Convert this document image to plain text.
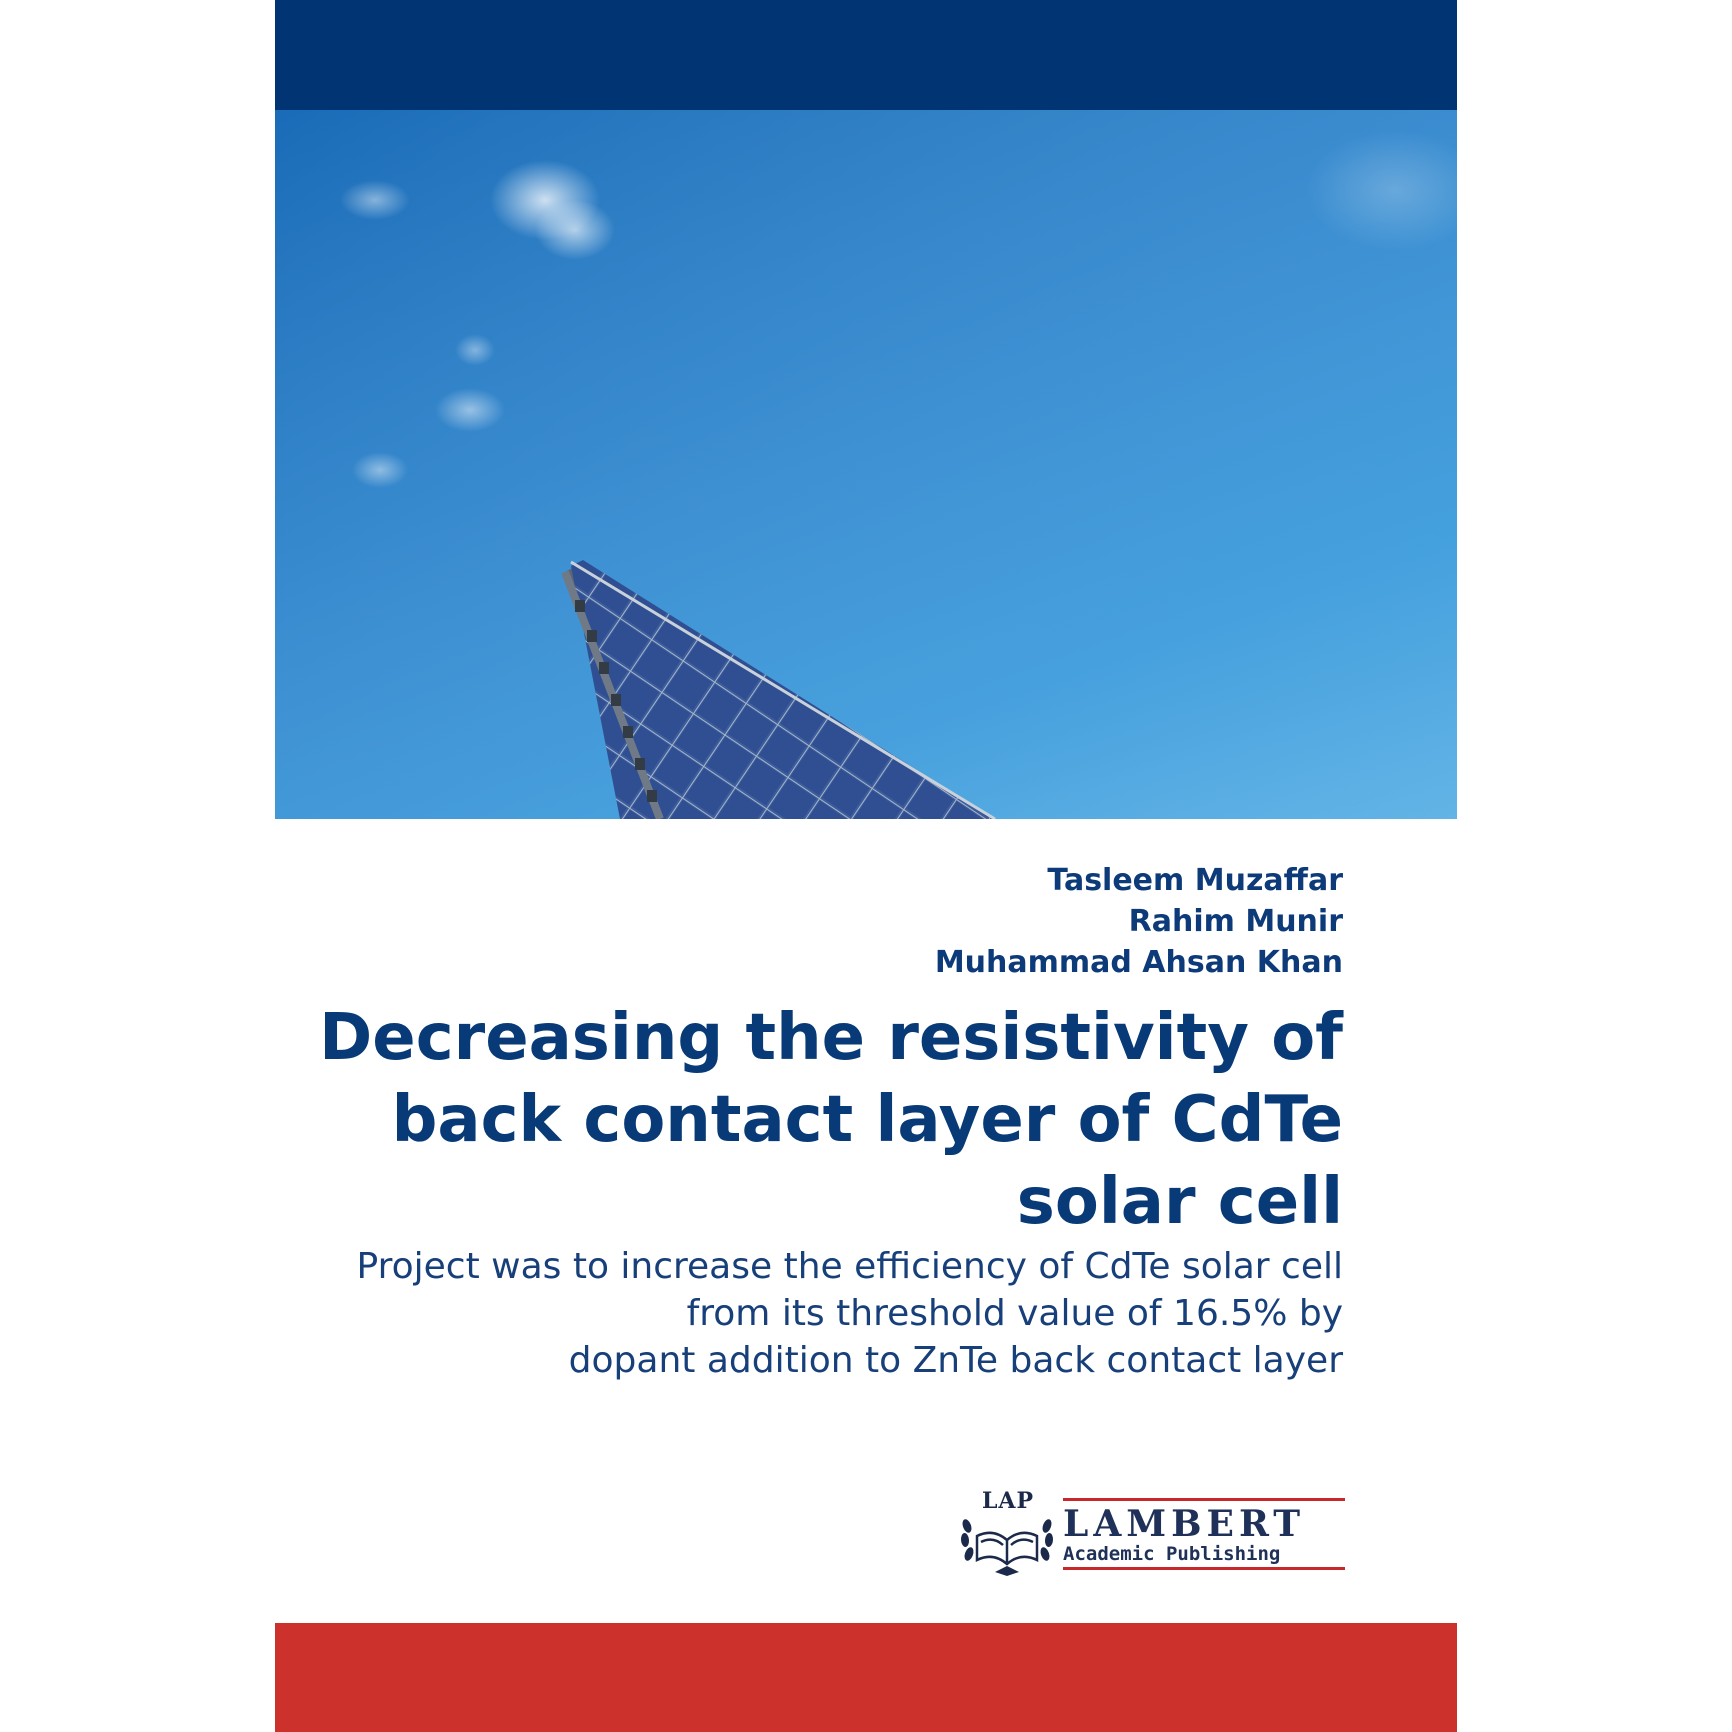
Tasleem Muzaffar
Rahim Munir
Muhammad Ahsan Khan
Decreasing the resistivity of
back contact layer of CdTe
solar cell
Project was to increase the efficiency of CdTe solar cell
from its threshold value of 16.5% by
dopant addition to ZnTe back contact layer
LAP
LAMBERT
Academic Publishing
